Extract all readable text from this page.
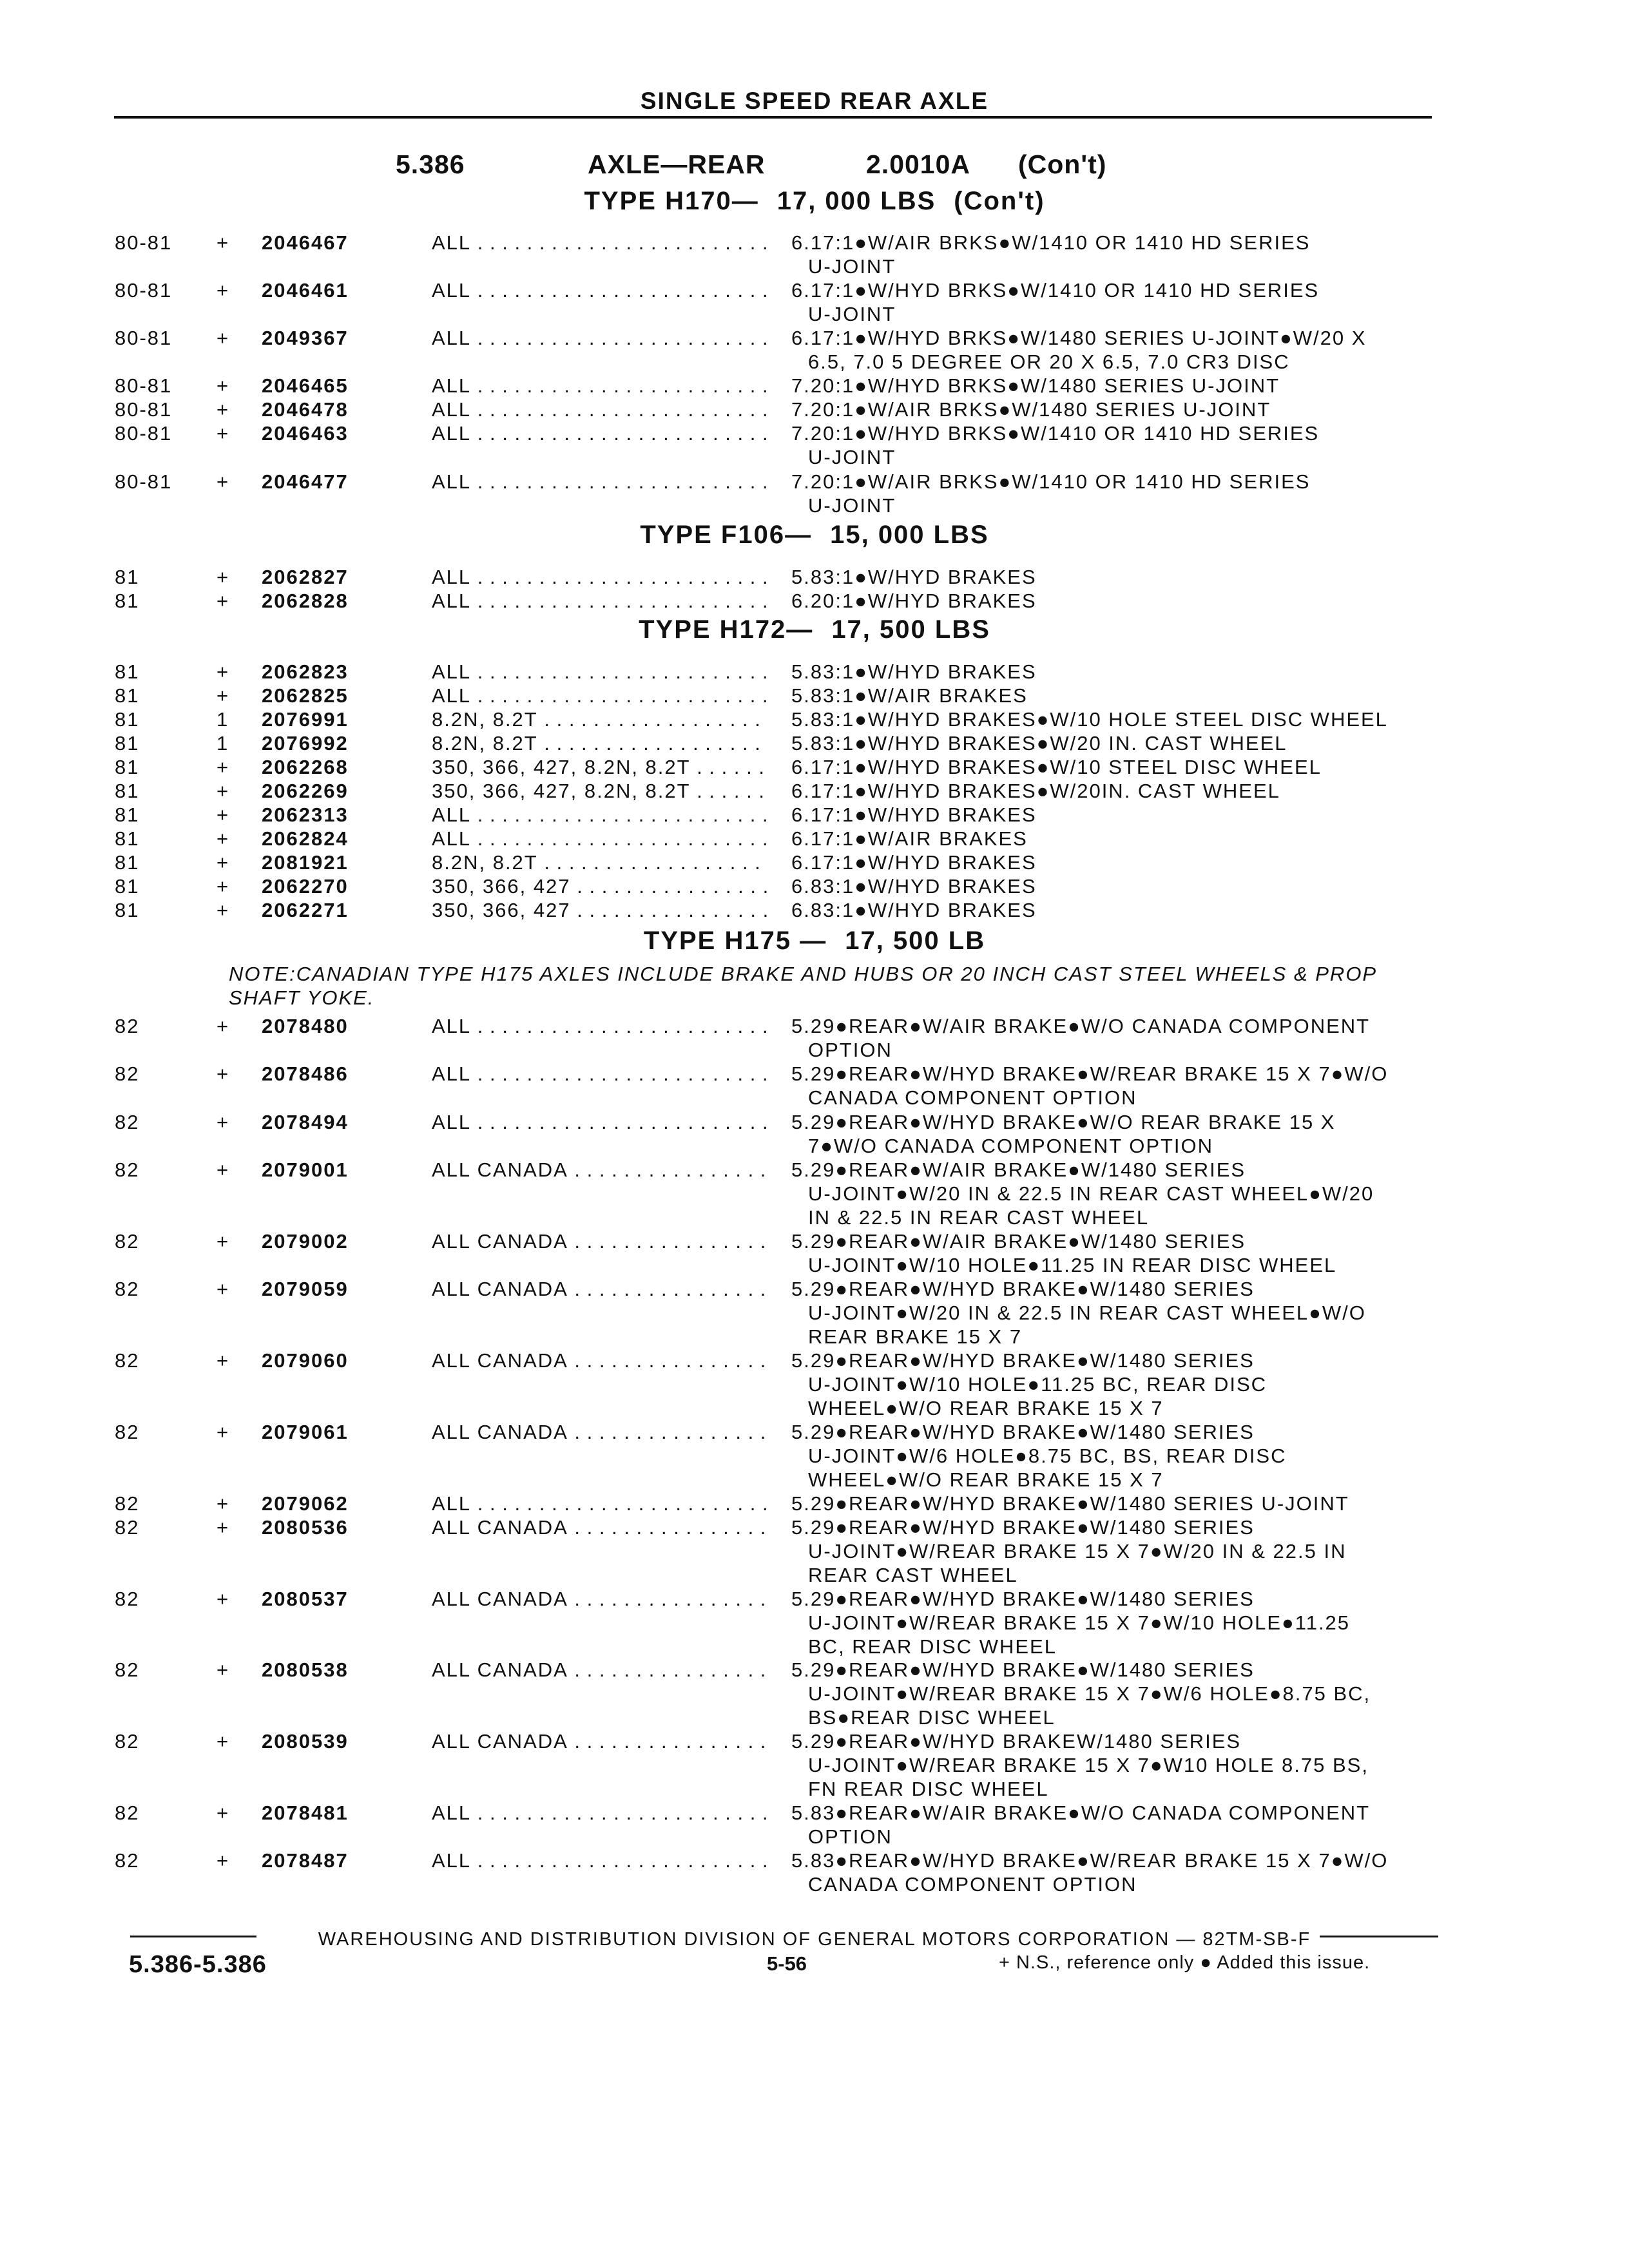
SINGLE SPEED REAR AXLE
5.386	AXLE—REAR	2.0010A (Con't)
TYPE H170— 17, 000 LBS (Con't)
80-81	+	2046467	ALL . . .	6.17:1●W/AIR BRKS●W/1410 OR 1410 HD SERIES
U-JOINT
80-81	+	2046461	ALL . . .	6.17:1●W/HYD BRKS●W/1410 OR 1410 HD SERIES
U-JOINT
80-81	+	2049367	ALL . . .	6.17:1●W/HYD BRKS●W/1480 SERIES U-JOINT●W/20 X
6.5, 7.0 5 DEGREE OR 20 X 6.5, 7.0 CR3 DISC
80-81	+	2046465	ALL . . .	7.20:1●W/HYD BRKS●W/1480 SERIES U-JOINT
80-81	+	2046478	ALL . . .	7.20:1●W/AIR BRKS●W/1480 SERIES U-JOINT
80-81	+	2046463	ALL . . .	7.20:1●W/HYD BRKS●W/1410 OR 1410 HD SERIES
U-JOINT
80-81	+	2046477	ALL . . .	7.20:1●W/AIR BRKS●W/1410 OR 1410 HD SERIES
U-JOINT
TYPE F106— 15, 000 LBS
81	+	2062827	ALL . . .	5.83:1●W/HYD BRAKES
81	+	2062828	ALL . . .	6.20:1●W/HYD BRAKES
TYPE H172— 17, 500 LBS
81	+	2062823	ALL . . .	5.83:1●W/HYD BRAKES
81	+	2062825	ALL . . .	5.83:1●W/AIR BRAKES
81	1	2076991	8.2N, 8.2T . . .	5.83:1●W/HYD BRAKES●W/10 HOLE STEEL DISC WHEEL
81	1	2076992	8.2N, 8.2T . . .	5.83:1●W/HYD BRAKES●W/20 IN. CAST WHEEL
81	+	2062268	350, 366, 427, 8.2N, 8.2T . . .	6.17:1●W/HYD BRAKES●W/10 STEEL DISC WHEEL
81	+	2062269	350, 366, 427, 8.2N, 8.2T . . .	6.17:1●W/HYD BRAKES●W/20IN. CAST WHEEL
81	+	2062313	ALL . . .	6.17:1●W/HYD BRAKES
81	+	2062824	ALL . . .	6.17:1●W/AIR BRAKES
81	+	2081921	8.2N, 8.2T . . .	6.17:1●W/HYD BRAKES
81	+	2062270	350, 366, 427 . . .	6.83:1●W/HYD BRAKES
81	+	2062271	350, 366, 427 . . .	6.83:1●W/HYD BRAKES
TYPE H175 — 17, 500 LB
NOTE:CANADIAN TYPE H175 AXLES INCLUDE BRAKE AND HUBS OR 20 INCH CAST STEEL WHEELS & PROP SHAFT YOKE.
82	+	2078480	ALL . . .	5.29●REAR●W/AIR BRAKE●W/O CANADA COMPONENT
OPTION
82	+	2078486	ALL . . .	5.29●REAR●W/HYD BRAKE●W/REAR BRAKE 15 X 7●W/O
CANADA COMPONENT OPTION
82	+	2078494	ALL . . .	5.29●REAR●W/HYD BRAKE●W/O REAR BRAKE 15 X
7●W/O CANADA COMPONENT OPTION
82	+	2079001	ALL CANADA . . .	5.29●REAR●W/AIR BRAKE●W/1480 SERIES
U-JOINT●W/20 IN & 22.5 IN REAR CAST WHEEL●W/20
IN & 22.5 IN REAR CAST WHEEL
82	+	2079002	ALL CANADA . . .	5.29●REAR●W/AIR BRAKE●W/1480 SERIES
U-JOINT●W/10 HOLE●11.25 IN REAR DISC WHEEL
82	+	2079059	ALL CANADA . . .	5.29●REAR●W/HYD BRAKE●W/1480 SERIES
U-JOINT●W/20 IN & 22.5 IN REAR CAST WHEEL●W/O
REAR BRAKE 15 X 7
82	+	2079060	ALL CANADA . . .	5.29●REAR●W/HYD BRAKE●W/1480 SERIES
U-JOINT●W/10 HOLE●11.25 BC, REAR DISC
WHEEL●W/O REAR BRAKE 15 X 7
82	+	2079061	ALL CANADA . . .	5.29●REAR●W/HYD BRAKE●W/1480 SERIES
U-JOINT●W/6 HOLE●8.75 BC, BS, REAR DISC
WHEEL●W/O REAR BRAKE 15 X 7
82	+	2079062	ALL . . .	5.29●REAR●W/HYD BRAKE●W/1480 SERIES U-JOINT
82	+	2080536	ALL CANADA . . .	5.29●REAR●W/HYD BRAKE●W/1480 SERIES
U-JOINT●W/REAR BRAKE 15 X 7●W/20 IN & 22.5 IN
REAR CAST WHEEL
82	+	2080537	ALL CANADA . . .	5.29●REAR●W/HYD BRAKE●W/1480 SERIES
U-JOINT●W/REAR BRAKE 15 X 7●W/10 HOLE●11.25
BC, REAR DISC WHEEL
82	+	2080538	ALL CANADA . . .	5.29●REAR●W/HYD BRAKE●W/1480 SERIES
U-JOINT●W/REAR BRAKE 15 X 7●W/6 HOLE●8.75 BC,
BS●REAR DISC WHEEL
82	+	2080539	ALL CANADA . . .	5.29●REAR●W/HYD BRAKEW/1480 SERIES
U-JOINT●W/REAR BRAKE 15 X 7●W10 HOLE 8.75 BS,
FN REAR DISC WHEEL
82	+	2078481	ALL . . .	5.83●REAR●W/AIR BRAKE●W/O CANADA COMPONENT
OPTION
82	+	2078487	ALL . . .	5.83●REAR●W/HYD BRAKE●W/REAR BRAKE 15 X 7●W/O
CANADA COMPONENT OPTION
WAREHOUSING AND DISTRIBUTION DIVISION OF GENERAL MOTORS CORPORATION — 82TM-SB-F
5.386-5.386	5-56	+ N.S., reference only ● Added this issue.
